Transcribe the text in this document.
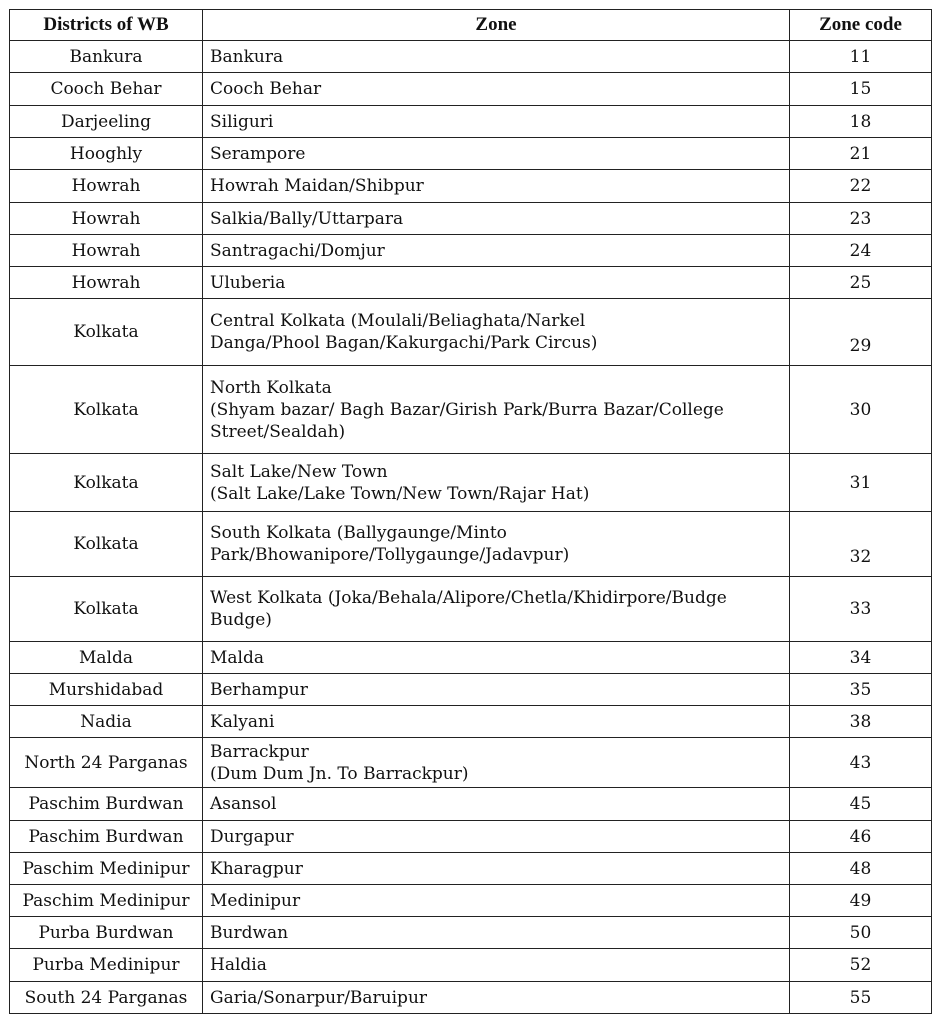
Districts of WB	Zone	Zone code
Bankura	Bankura	11
Cooch Behar	Cooch Behar	15
Darjeeling	Siliguri	18
Hooghly	Serampore	21
Howrah	Howrah Maidan/Shibpur	22
Howrah	Salkia/Bally/Uttarpara	23
Howrah	Santragachi/Domjur	24
Howrah	Uluberia	25
Kolkata	Central Kolkata (Moulali/Beliaghata/Narkel
Danga/Phool Bagan/Kakurgachi/Park Circus)	29
Kolkata	North Kolkata
(Shyam bazar/ Bagh Bazar/Girish Park/Burra Bazar/College
Street/Sealdah)	30
Kolkata	Salt Lake/New Town
(Salt Lake/Lake Town/New Town/Rajar Hat)	31
Kolkata	South Kolkata (Ballygaunge/Minto
Park/Bhowanipore/Tollygaunge/Jadavpur)	32
Kolkata	West Kolkata (Joka/Behala/Alipore/Chetla/Khidirpore/Budge
Budge)	33
Malda	Malda	34
Murshidabad	Berhampur	35
Nadia	Kalyani	38
North 24 Parganas	Barrackpur
(Dum Dum Jn. To Barrackpur)	43
Paschim Burdwan	Asansol	45
Paschim Burdwan	Durgapur	46
Paschim Medinipur	Kharagpur	48
Paschim Medinipur	Medinipur	49
Purba Burdwan	Burdwan	50
Purba Medinipur	Haldia	52
South 24 Parganas	Garia/Sonarpur/Baruipur	55
